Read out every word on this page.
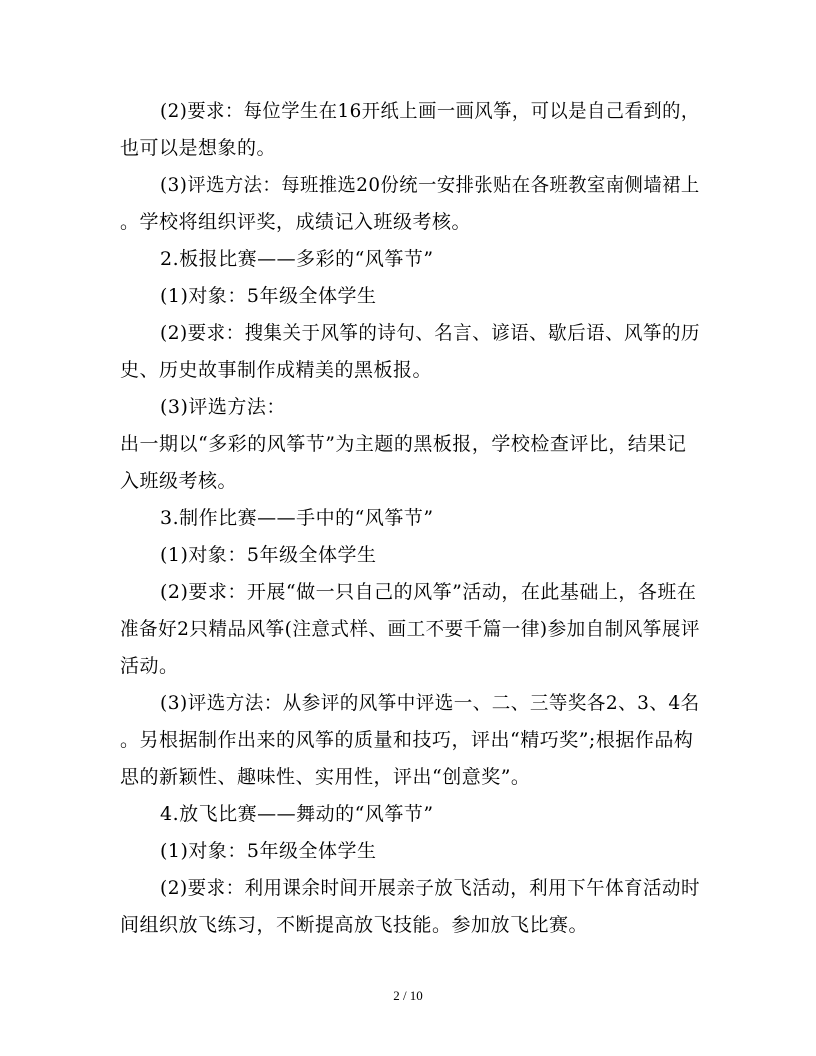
(2)要求：每位学生在16开纸上画一画风筝，可以是自己看到的，
也可以是想象的。
(3)评选方法：每班推选20份统一安排张贴在各班教室南侧墙裙上
。学校将组织评奖，成绩记入班级考核。
2.板报比赛——多彩的“风筝节”
(1)对象：5年级全体学生
(2)要求：搜集关于风筝的诗句、名言、谚语、歇后语、风筝的历
史、历史故事制作成精美的黑板报。
(3)评选方法：
出一期以“多彩的风筝节”为主题的黑板报，学校检查评比，结果记
入班级考核。
3.制作比赛——手中的“风筝节”
(1)对象：5年级全体学生
(2)要求：开展“做一只自己的风筝”活动，在此基础上，各班在
准备好2只精品风筝(注意式样、画工不要千篇一律)参加自制风筝展评
活动。
(3)评选方法：从参评的风筝中评选一、二、三等奖各2、3、4名
。另根据制作出来的风筝的质量和技巧，评出“精巧奖”;根据作品构
思的新颖性、趣味性、实用性，评出“创意奖”。
4.放飞比赛——舞动的“风筝节”
(1)对象：5年级全体学生
(2)要求：利用课余时间开展亲子放飞活动，利用下午体育活动时
间组织放飞练习，不断提高放飞技能。参加放飞比赛。
2 / 10
